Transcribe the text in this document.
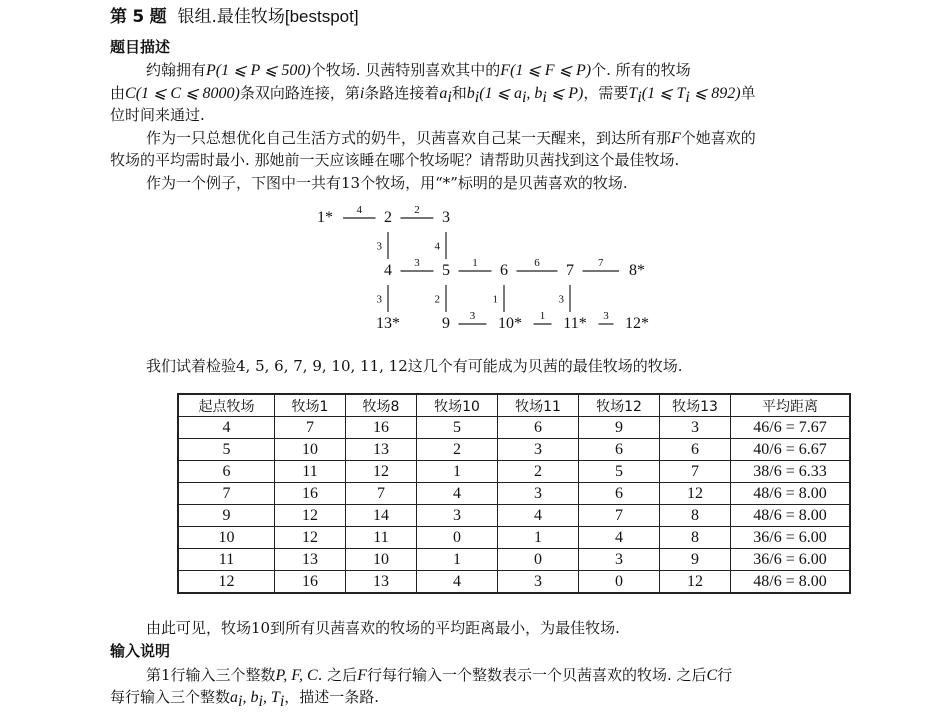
第 5 题 银组.最佳牧场[bestspot]
题目描述
约翰拥有P(1 ⩽ P ⩽ 500)个牧场. 贝茜特别喜欢其中的F(1 ⩽ F ⩽ P)个. 所有的牧场
由C(1 ⩽ C ⩽ 8000)条双向路连接，第i条路连接着$a_i$和$b_i(1$ ⩽ $a_i$, $b_i$ ⩽ P)，需要$T_i(1$ ⩽ $T_i$ ⩽ 892)单
位时间来通过.
作为一只总想优化自己生活方式的奶牛，贝茜喜欢自己某一天醒来，到达所有那F个她喜欢的
牧场的平均需时最小. 那她前一天应该睡在哪个牧场呢？请帮助贝茜找到这个最佳牧场.
作为一个例子，下图中一共有13个牧场，用“*”标明的是贝茜喜欢的牧场.
4	2
3	4
3	1	6	7
3	2	1	3
3	1	3
1*	2	3
4	5	6	7	8*
13*	9	10*	11* 12*
我们试着检验4, 5, 6, 7, 9, 10, 11, 12这几个有可能成为贝茜的最佳牧场的牧场.
起点牧场	牧场1	牧场8	牧场10	牧场11	牧场12	牧场13	平均距离
4	7	16	5	6	9	3	46/6 = 7.67
5	10	13	2	3	6	6	40/6 = 6.67
6	11	12	1	2	5	7	38/6 = 6.33
7	16	7	4	3	6	12	48/6 = 8.00
9	12	14	3	4	7	8	48/6 = 8.00
10	12	11	0	1	4	8	36/6 = 6.00
11	13	10	1	0	3	9	36/6 = 6.00
12	16	13	4	3	0	12	48/6 = 8.00
由此可见，牧场10到所有贝茜喜欢的牧场的平均距离最小，为最佳牧场.
输入说明
第1行输入三个整数P, F, C. 之后F行每行输入一个整数表示一个贝茜喜欢的牧场. 之后C行
每行输入三个整数$a_i$, $b_i$, $T_i$，描述一条路.
